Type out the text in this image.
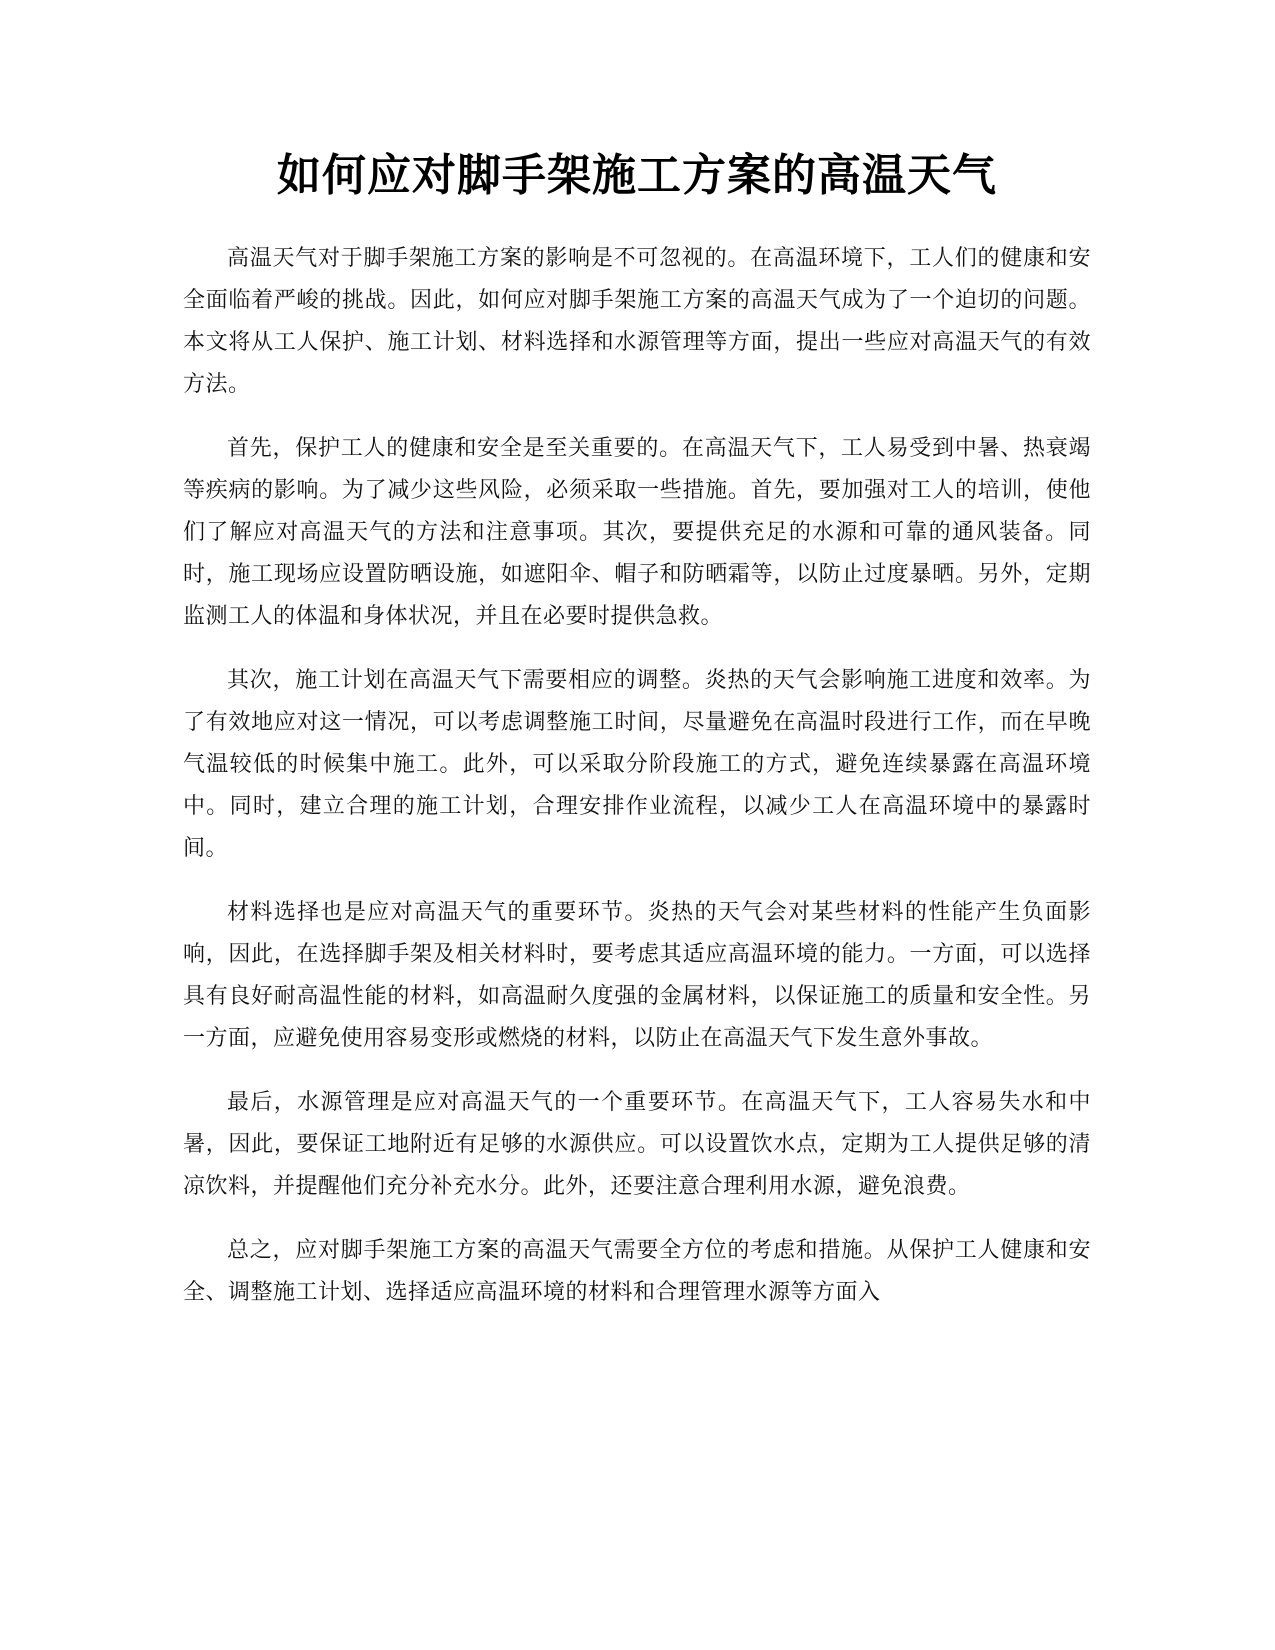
如何应对脚手架施工方案的高温天气

高温天气对于脚手架施工方案的影响是不可忽视的。在高温环境下，工人们的健康和安全面临着严峻的挑战。因此，如何应对脚手架施工方案的高温天气成为了一个迫切的问题。本文将从工人保护、施工计划、材料选择和水源管理等方面，提出一些应对高温天气的有效方法。

首先，保护工人的健康和安全是至关重要的。在高温天气下，工人易受到中暑、热衰竭等疾病的影响。为了减少这些风险，必须采取一些措施。首先，要加强对工人的培训，使他们了解应对高温天气的方法和注意事项。其次，要提供充足的水源和可靠的通风装备。同时，施工现场应设置防晒设施，如遮阳伞、帽子和防晒霜等，以防止过度暴晒。另外，定期监测工人的体温和身体状况，并且在必要时提供急救。

其次，施工计划在高温天气下需要相应的调整。炎热的天气会影响施工进度和效率。为了有效地应对这一情况，可以考虑调整施工时间，尽量避免在高温时段进行工作，而在早晚气温较低的时候集中施工。此外，可以采取分阶段施工的方式，避免连续暴露在高温环境中。同时，建立合理的施工计划，合理安排作业流程，以减少工人在高温环境中的暴露时间。

材料选择也是应对高温天气的重要环节。炎热的天气会对某些材料的性能产生负面影响，因此，在选择脚手架及相关材料时，要考虑其适应高温环境的能力。一方面，可以选择具有良好耐高温性能的材料，如高温耐久度强的金属材料，以保证施工的质量和安全性。另一方面，应避免使用容易变形或燃烧的材料，以防止在高温天气下发生意外事故。

最后，水源管理是应对高温天气的一个重要环节。在高温天气下，工人容易失水和中暑，因此，要保证工地附近有足够的水源供应。可以设置饮水点，定期为工人提供足够的清凉饮料，并提醒他们充分补充水分。此外，还要注意合理利用水源，避免浪费。

总之，应对脚手架施工方案的高温天气需要全方位的考虑和措施。从保护工人健康和安全、调整施工计划、选择适应高温环境的材料和合理管理水源等方面入
